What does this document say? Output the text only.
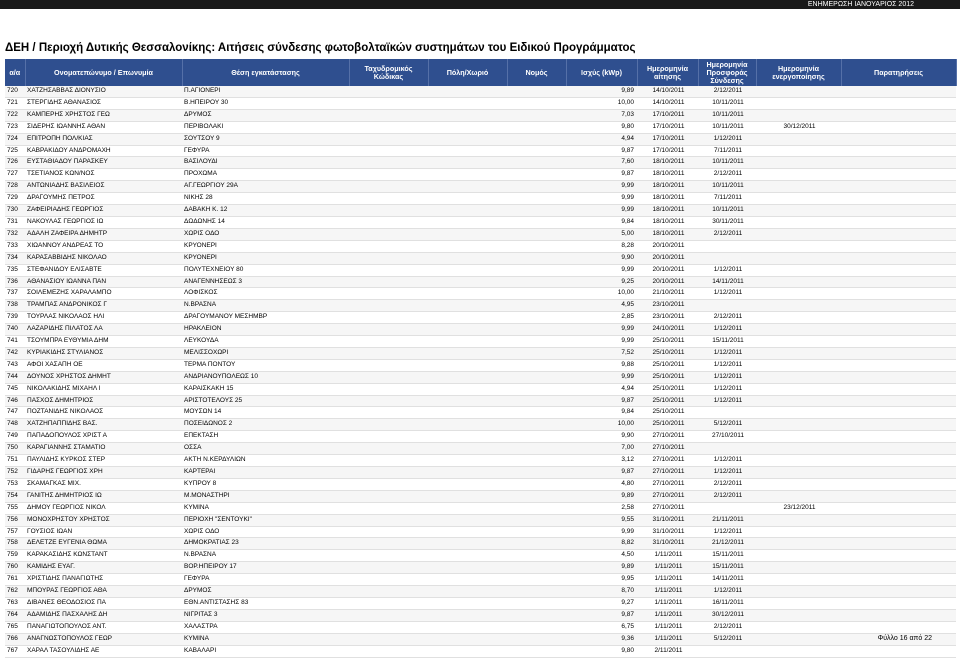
ΕΝΗΜΕΡΩΣΗ ΙΑΝΟΥΑΡΙΟΣ 2012
ΔΕΗ / Περιοχή Δυτικής Θεσσαλονίκης: Αιτήσεις σύνδεσης φωτοβολταϊκών συστημάτων του Ειδικού Προγράμματος
α/α	Ονοματεπώνυμο / Επωνυμία	Θέση εγκατάστασης	Ταχυδρομικός Κώδικας	Πόλη/Χωριό	Νομός	Ισχύς (kWp)	Ημερομηνία αίτησης	Ημερομηνία Προσφοράς Σύνδεσης	Ημερομηνία ενεργοποίησης	Παρατηρήσεις
720	ΧΑΤΖΗΣΑΒΒΑΣ ΔΙΟΝΥΣΙΟ	Π.ΑΓΙΟΝΕΡΙ				9,89	14/10/2011	2/12/2011		
721	ΣΤΕΡΓΙΔΗΣ ΑΘΑΝΑΣΙΟΣ	Β.ΗΠΕΙΡΟΥ 30				10,00	14/10/2011	10/11/2011		
722	ΚΑΜΠΕΡΗΣ ΧΡΗΣΤΟΣ ΓΕΩ	ΔΡΥΜΟΣ				7,03	17/10/2011	10/11/2011		
723	ΣΙΔΕΡΗΣ ΙΩΑΝΝΗΣ ΑΘΑΝ	ΠΕΡΙΒΟΛΑΚΙ				9,80	17/10/2011	10/11/2011	30/12/2011	
724	ΕΠΙΤΡΟΠΗ ΠΟΛ/ΚΙΑΣ	ΣΟΥΤΣΟΥ 9				4,94	17/10/2011	1/12/2011		
725	ΚΑΒΡΑΚΙΔΟΥ ΑΝΔΡΟΜΑΧΗ	ΓΕΦΥΡΑ				9,87	17/10/2011	7/11/2011		
726	ΕΥΣΤΑΘΙΑΔΟΥ ΠΑΡΑΣΚΕΥ	ΒΑΣΙΛΟΥΔΙ				7,60	18/10/2011	10/11/2011		
727	ΤΣΕΤΙΑΝΟΣ ΚΩΝ/ΝΟΣ	ΠΡΟΧΩΜΑ				9,87	18/10/2011	2/12/2011		
728	ΑΝΤΩΝΙΑΔΗΣ ΒΑΣΙΛΕΙΟΣ	ΑΓ.ΓΕΩΡΓΙΟΥ 29Α				9,99	18/10/2011	10/11/2011		
729	ΔΡΑΓΟΥΜΗΣ ΠΕΤΡΟΣ	ΝΙΚΗΣ 28				9,99	18/10/2011	7/11/2011		
730	ΖΑΦΕΙΡΙΑΔΗΣ ΓΕΩΡΓΙΟΣ	ΔΑΒΑΚΗ Κ. 12				9,99	18/10/2011	10/11/2011		
731	ΝΑΚΟΥΛΑΣ ΓΕΩΡΓΙΟΣ ΙΩ	ΔΩΔΩΝΗΣ 14				9,84	18/10/2011	30/11/2011		
732	ΑΔΑΛΗ ΖΑΦΕΙΡΑ ΔΗΜΗΤΡ	ΧΩΡΙΣ ΟΔΟ				5,00	18/10/2011	2/12/2011		
733	ΧΙΩΑΝΝΟΥ ΑΝΔΡΕΑΣ ΤΟ	ΚΡΥΟΝΕΡΙ				8,28	20/10/2011			
734	ΚΑΡΑΣΑΒΒΙΔΗΣ ΝΙΚΟΛΑΟ	ΚΡΥΟΝΕΡΙ				9,90	20/10/2011			
735	ΣΤΕΦΑΝΙΔΟΥ ΕΛΙΣΑΒΤΕ	ΠΟΛΥΤΕΧΝΕΙΟΥ 80				9,99	20/10/2011	1/12/2011		
736	ΑΘΑΝΑΣΙΟΥ ΙΩΑΝΝΑ ΠΑΝ	ΑΝΑΓΕΝΝΗΣΕΩΣ 3				9,25	20/10/2011	14/11/2011		
737	ΣΟΙΛΕΜΕΖΗΣ ΧΑΡΑΛΑΜΠΟ	ΛΟΦΙΣΚΟΣ				10,00	21/10/2011	1/12/2011		
738	ΤΡΑΜΠΑΣ ΑΝΔΡΟΝΙΚΟΣ Γ	Ν.ΒΡΑΣΝΑ				4,95	23/10/2011			
739	ΤΟΥΡΛΑΣ ΝΙΚΟΛΑΟΣ ΗΛΙ	ΔΡΑΓΟΥΜΑΝΟΥ ΜΕΣΗΜΒΡ				2,85	23/10/2011	2/12/2011		
740	ΛΑΖΑΡΙΔΗΣ ΠΙΛΑΤΟΣ ΛΑ	ΗΡΑΚΛΕΙΟΝ				9,99	24/10/2011	1/12/2011		
741	ΤΣΟΥΜΠΡΑ ΕΥΘΥΜΙΑ ΔΗΜ	ΛΕΥΚΟΥΔΑ				9,99	25/10/2011	15/11/2011		
742	ΚΥΡΙΑΚΙΔΗΣ ΣΤΥΛΙΑΝΟΣ	ΜΕΛΙΣΣΟΧΩΡΙ				7,52	25/10/2011	1/12/2011		
743	ΑΦΟΙ ΧΑΣΑΠΗ ΟΕ	ΤΕΡΜΑ ΠΟΝΤΟΥ				9,88	25/10/2011	1/12/2011		
744	ΔΟΥΝΟΣ ΧΡΗΣΤΟΣ ΔΗΜΗΤ	ΑΝΔΡΙΑΝΟΥΠΟΛΕΩΣ 10				9,99	25/10/2011	1/12/2011		
745	ΝΙΚΟΛΑΚΙΔΗΣ ΜΙΧΑΗΛ Ι	ΚΑΡΑΙΣΚΑΚΗ 15				4,94	25/10/2011	1/12/2011		
746	ΠΑΣΧΟΣ ΔΗΜΗΤΡΙΟΣ	ΑΡΙΣΤΟΤΕΛΟΥΣ 25				9,87	25/10/2011	1/12/2011		
747	ΠΟΖΤΑΝΙΔΗΣ ΝΙΚΟΛΑΟΣ	ΜΟΥΣΩΝ 14				9,84	25/10/2011			
748	ΧΑΤΖΗΠΑΠΠΙΔΗΣ ΒΑΣ.	ΠΟΣΕΙΔΩΝΟΣ 2				10,00	25/10/2011	5/12/2011		
749	ΠΑΠΑΔΟΠΟΥΛΟΣ ΧΡΙΣΤ Α	ΕΠΕΚΤΑΣΗ				9,90	27/10/2011	27/10/2011		
750	ΚΑΡΑΓΙΑΝΝΗΣ ΣΤΑΜΑΤΙΟ	ΟΣΣΑ				7,00	27/10/2011			
751	ΠΑΥΛΙΔΗΣ ΚΥΡΚΟΣ ΣΤΕΡ	ΑΚΤΗ Ν.ΚΕΡΔΥΛΙΩΝ				3,12	27/10/2011	1/12/2011		
752	ΓΙΔΑΡΗΣ ΓΕΩΡΓΙΟΣ ΧΡΗ	ΚΑΡΤΕΡΑΙ				9,87	27/10/2011	1/12/2011		
753	ΣΚΑΜΑΓΚΑΣ ΜΙΧ.	ΚΥΠΡΟΥ 8				4,80	27/10/2011	2/12/2011		
754	ΓΑΝΙΤΗΣ ΔΗΜΗΤΡΙΟΣ ΙΩ	Μ.ΜΟΝΑΣΤΗΡΙ				9,89	27/10/2011	2/12/2011		
755	ΔΗΜΟΥ ΓΕΩΡΓΙΟΣ ΝΙΚΟΛ	ΚΥΜΙΝΑ				2,58	27/10/2011		23/12/2011	
756	ΜΟΝΟΧΡΗΣΤΟΥ ΧΡΗΣΤΟΣ	ΠΕΡΙΟΧΗ "ΣΕΝΤΟΥΚΙ"				9,55	31/10/2011	21/11/2011		
757	ΓΟΥΣΙΟΣ ΙΩΑΝ	ΧΩΡΙΣ ΟΔΟ				9,99	31/10/2011	1/12/2011		
758	ΔΕΛΕΤΖΕ ΕΥΓΕΝΙΑ ΘΩΜΑ	ΔΗΜΟΚΡΑΤΙΑΣ 23				8,82	31/10/2011	21/12/2011		
759	ΚΑΡΑΚΑΣΙΔΗΣ ΚΩΝΣΤΑΝΤ	Ν.ΒΡΑΣΝΑ				4,50	1/11/2011	15/11/2011		
760	ΚΑΜΙΔΗΣ ΕΥΑΓ.	ΒΟΡ.ΗΠΕΙΡΟΥ 17				9,89	1/11/2011	15/11/2011		
761	ΧΡΙΣΤΙΔΗΣ ΠΑΝΑΓΙΩΤΗΣ	ΓΕΦΥΡΑ				9,95	1/11/2011	14/11/2011		
762	ΜΠΟΥΡΑΣ ΓΕΩΡΓΙΟΣ ΑΘΑ	ΔΡΥΜΟΣ				8,70	1/11/2011	1/12/2011		
763	ΔΙΒΑΝΕΣ ΘΕΟΔΟΣΙΟΣ ΠΑ	ΕΘΝ.ΑΝΤΙΣΤΑΣΗΣ 83				9,27	1/11/2011	16/11/2011		
764	ΑΔΑΜΙΔΗΣ ΠΑΣΧΑΛΗΣ ΔΗ	ΝΙΓΡΙΤΑΣ 3				9,87	1/11/2011	30/12/2011		
765	ΠΑΝΑΓΙΩΤΟΠΟΥΛΟΣ ΑΝΤ.	ΧΑΛΑΣΤΡΑ				6,75	1/11/2011	2/12/2011		
766	ΑΝΑΓΝΩΣΤΟΠΟΥΛΟΣ ΓΕΩΡ	ΚΥΜΙΝΑ				9,36	1/11/2011	5/12/2011		
767	ΧΑΡΑΛ ΤΑΣΟΥΛΙΔΗΣ ΑΕ	ΚΑΒΑΛΑΡΙ				9,80	2/11/2011			
Φύλλο 16 από 22
